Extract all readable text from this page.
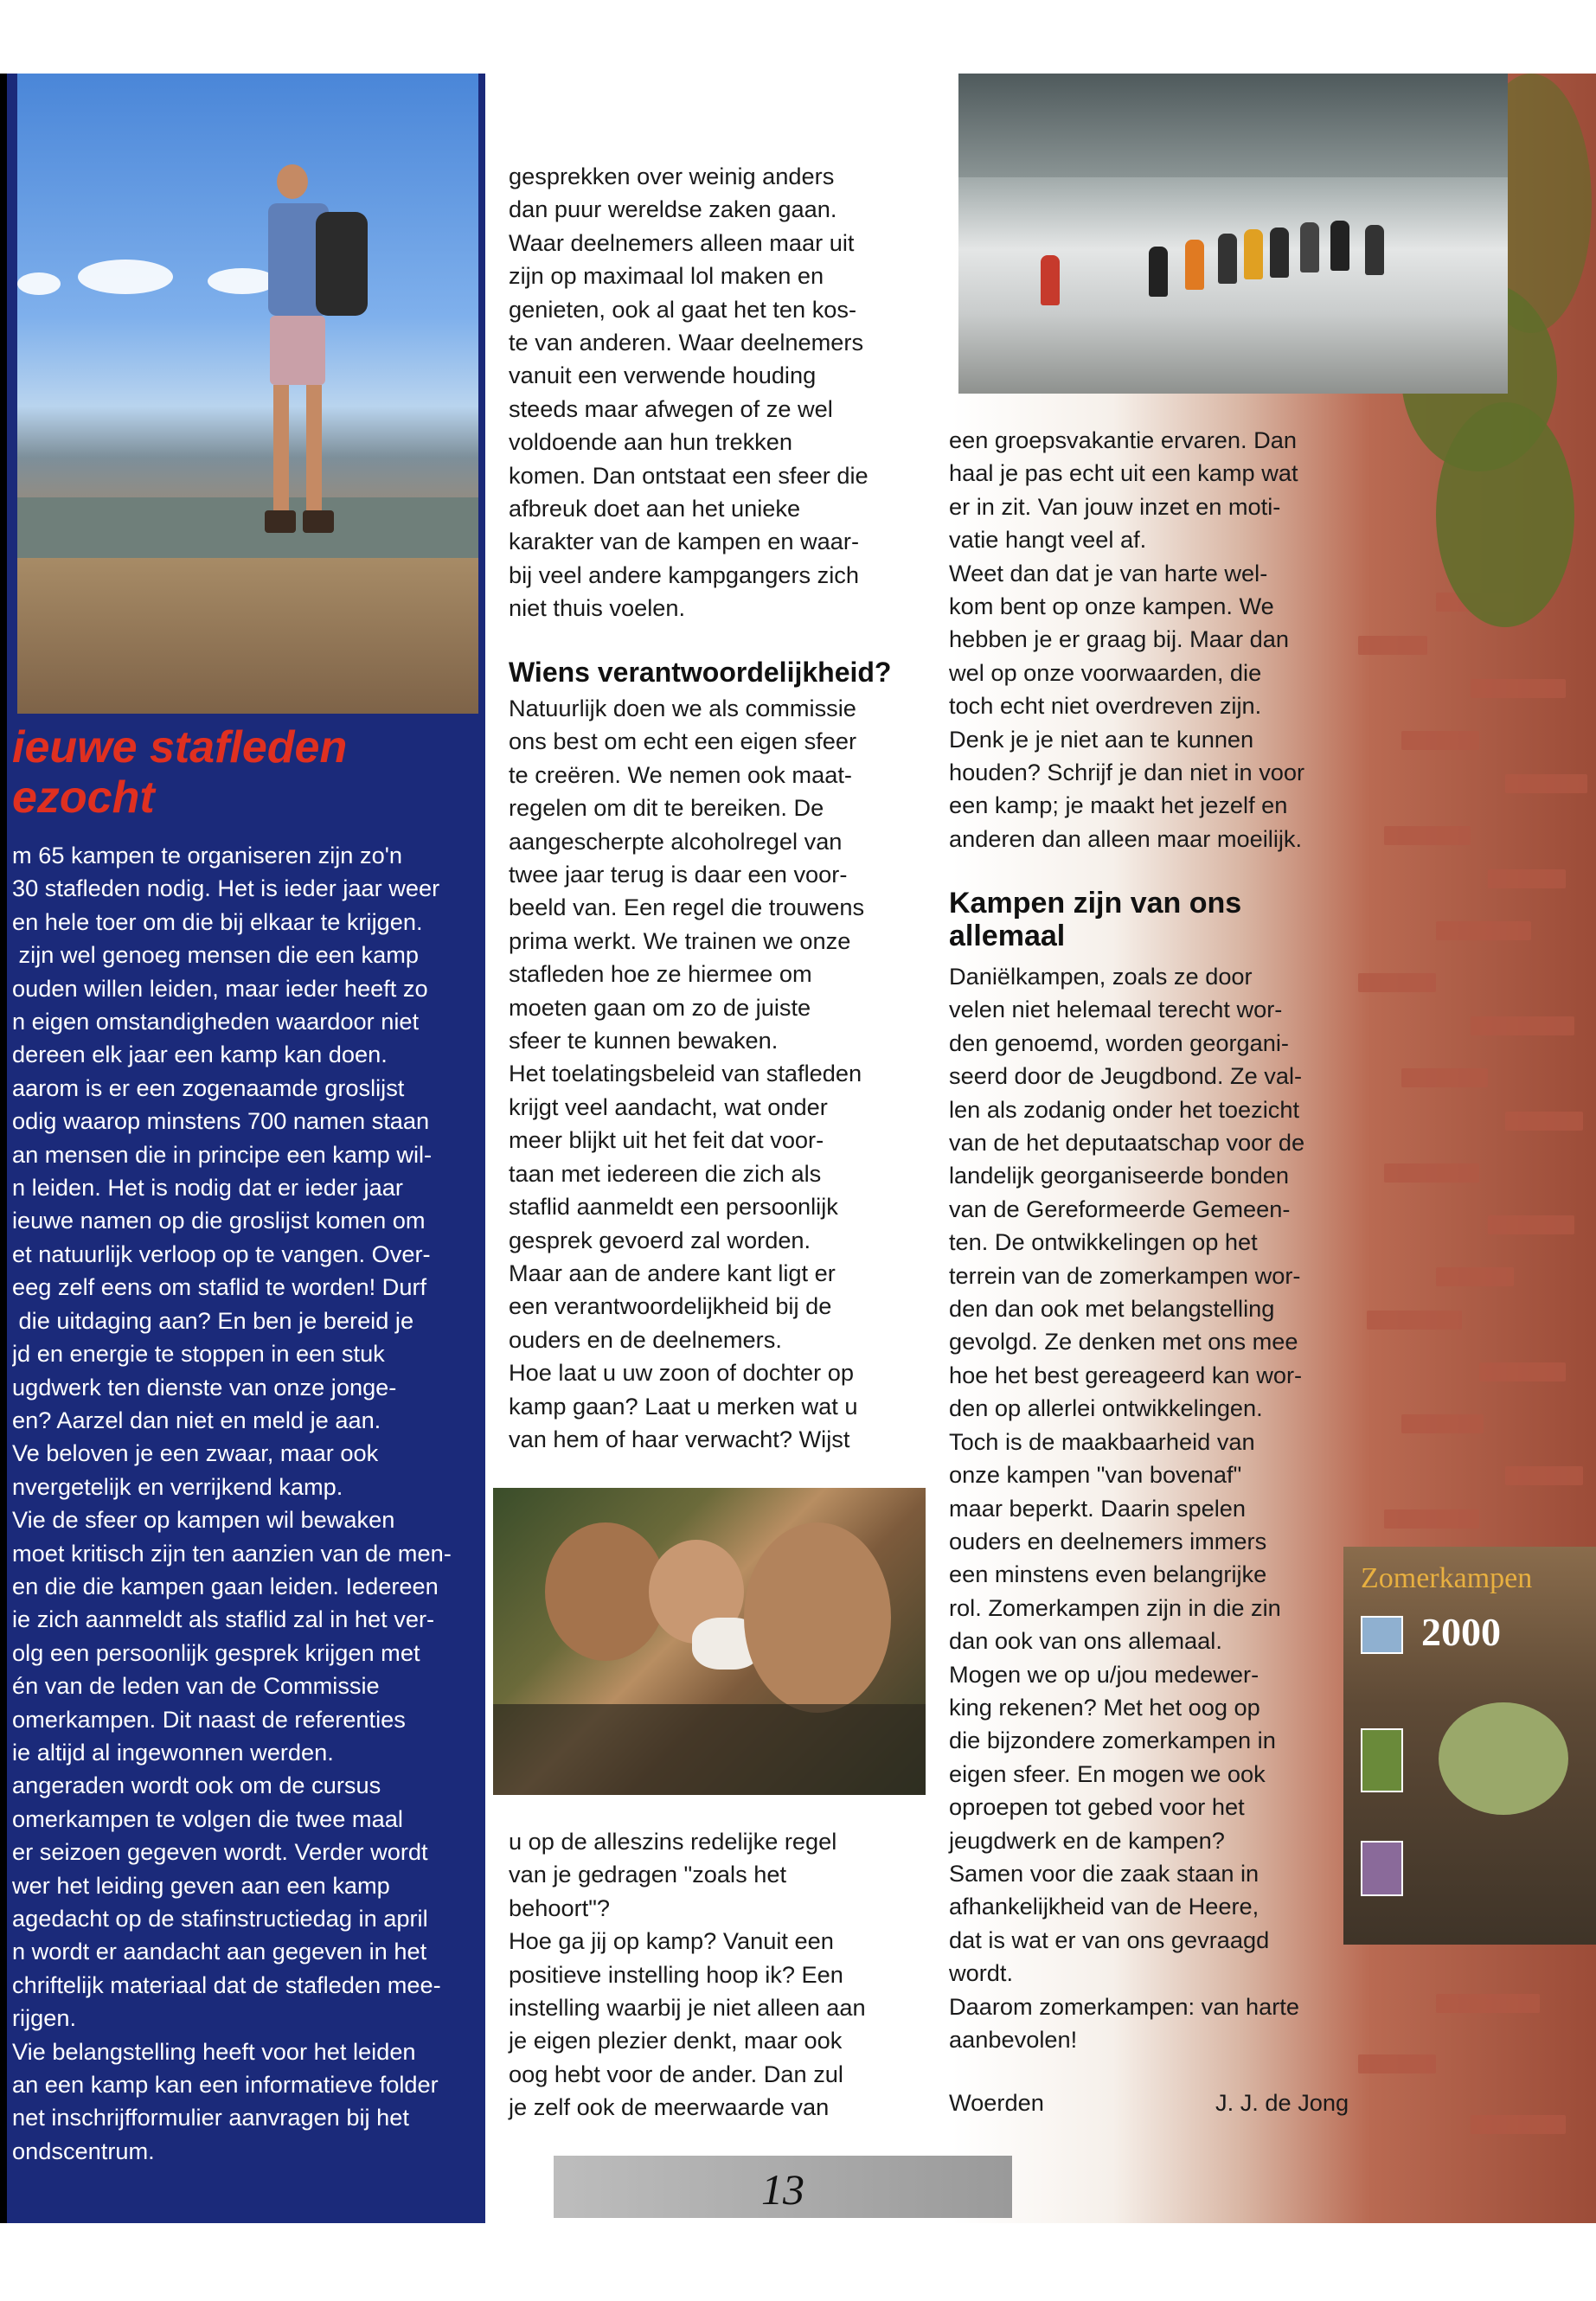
ieuwe stafleden
ezocht
m 65 kampen te organiseren zijn zo'n
30 stafleden nodig. Het is ieder jaar weer
en hele toer om die bij elkaar te krijgen.
zijn wel genoeg mensen die een kamp
ouden willen leiden, maar ieder heeft zo
n eigen omstandigheden waardoor niet
dereen elk jaar een kamp kan doen.
aarom is er een zogenaamde groslijst
odig waarop minstens 700 namen staan
an mensen die in principe een kamp wil-
n leiden. Het is nodig dat er ieder jaar
ieuwe namen op die groslijst komen om
et natuurlijk verloop op te vangen. Over-
eeg zelf eens om staflid te worden! Durf
die uitdaging aan? En ben je bereid je
jd en energie te stoppen in een stuk
ugdwerk ten dienste van onze jonge-
en? Aarzel dan niet en meld je aan.
Ve beloven je een zwaar, maar ook
nvergetelijk en verrijkend kamp.
Vie de sfeer op kampen wil bewaken
moet kritisch zijn ten aanzien van de men-
en die die kampen gaan leiden. Iedereen
ie zich aanmeldt als staflid zal in het ver-
olg een persoonlijk gesprek krijgen met
én van de leden van de Commissie
omerkampen. Dit naast de referenties
ie altijd al ingewonnen werden.
angeraden wordt ook om de cursus
omerkampen te volgen die twee maal
er seizoen gegeven wordt. Verder wordt
wer het leiding geven aan een kamp
agedacht op de stafinstructiedag in april
n wordt er aandacht aan gegeven in het
chriftelijk materiaal dat de stafleden mee-
rijgen.
Vie belangstelling heeft voor het leiden
an een kamp kan een informatieve folder
net inschrijfformulier aanvragen bij het
ondscentrum.
gesprekken over weinig anders
dan puur wereldse zaken gaan.
Waar deelnemers alleen maar uit
zijn op maximaal lol maken en
genieten, ook al gaat het ten kos-
te van anderen. Waar deelnemers
vanuit een verwende houding
steeds maar afwegen of ze wel
voldoende aan hun trekken
komen. Dan ontstaat een sfeer die
afbreuk doet aan het unieke
karakter van de kampen en waar-
bij veel andere kampgangers zich
niet thuis voelen.
Wiens verantwoordelijkheid?
Natuurlijk doen we als commissie
ons best om echt een eigen sfeer
te creëren. We nemen ook maat-
regelen om dit te bereiken. De
aangescherpte alcoholregel van
twee jaar terug is daar een voor-
beeld van. Een regel die trouwens
prima werkt. We trainen we onze
stafleden hoe ze hiermee om
moeten gaan om zo de juiste
sfeer te kunnen bewaken.
Het toelatingsbeleid van stafleden
krijgt veel aandacht, wat onder
meer blijkt uit het feit dat voor-
taan met iedereen die zich als
staflid aanmeldt een persoonlijk
gesprek gevoerd zal worden.
Maar aan de andere kant ligt er
een verantwoordelijkheid bij de
ouders en de deelnemers.
Hoe laat u uw zoon of dochter op
kamp gaan? Laat u merken wat u
van hem of haar verwacht? Wijst
u op de alleszins redelijke regel
van je gedragen "zoals het
behoort"?
Hoe ga jij op kamp? Vanuit een
positieve instelling hoop ik? Een
instelling waarbij je niet alleen aan
je eigen plezier denkt, maar ook
oog hebt voor de ander. Dan zul
je zelf ook de meerwaarde van
een groepsvakantie ervaren. Dan
haal je pas echt uit een kamp wat
er in zit. Van jouw inzet en moti-
vatie hangt veel af.
Weet dan dat je van harte wel-
kom bent op onze kampen. We
hebben je er graag bij. Maar dan
wel op onze voorwaarden, die
toch echt niet overdreven zijn.
Denk je je niet aan te kunnen
houden? Schrijf je dan niet in voor
een kamp; je maakt het jezelf en
anderen dan alleen maar moeilijk.
Kampen zijn van ons
allemaal
Daniëlkampen, zoals ze door
velen niet helemaal terecht wor-
den genoemd, worden georgani-
seerd door de Jeugdbond. Ze val-
len als zodanig onder het toezicht
van de het deputaatschap voor de
landelijk georganiseerde bonden
van de Gereformeerde Gemeen-
ten. De ontwikkelingen op het
terrein van de zomerkampen wor-
den dan ook met belangstelling
gevolgd. Ze denken met ons mee
hoe het best gereageerd kan wor-
den op allerlei ontwikkelingen.
Toch is de maakbaarheid van
onze kampen "van bovenaf"
maar beperkt. Daarin spelen
ouders en deelnemers immers
een minstens even belangrijke
rol. Zomerkampen zijn in die zin
dan ook van ons allemaal.
Mogen we op u/jou medewer-
king rekenen? Met het oog op
die bijzondere zomerkampen in
eigen sfeer. En mogen we ook
oproepen tot gebed voor het
jeugdwerk en de kampen?
Samen voor die zaak staan in
afhankelijkheid van de Heere,
dat is wat er van ons gevraagd
wordt.
Daarom zomerkampen: van harte
aanbevolen!
Woerden	J. J. de Jong
Zomerkampen
2000
13
